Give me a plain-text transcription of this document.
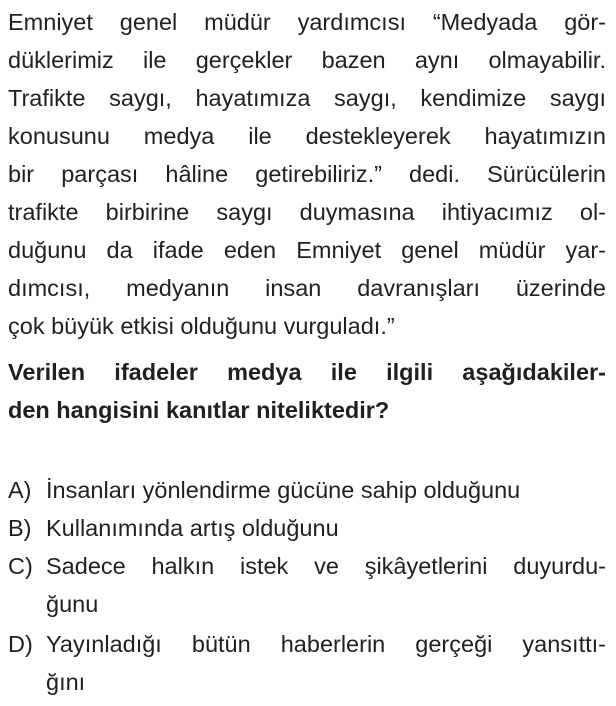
Emniyet genel müdür yardımcısı “Medyada gör-
düklerimiz ile gerçekler bazen aynı olmayabilir.
Trafikte saygı, hayatımıza saygı, kendimize saygı
konusunu medya ile destekleyerek hayatımızın
bir parçası hâline getirebiliriz.” dedi. Sürücülerin
trafikte birbirine saygı duymasına ihtiyacımız ol-
duğunu da ifade eden Emniyet genel müdür yar-
dımcısı, medyanın insan davranışları üzerinde
çok büyük etkisi olduğunu vurguladı.”
Verilen ifadeler medya ile ilgili aşağıdakiler-
den hangisini kanıtlar niteliktedir?
A) İnsanları yönlendirme gücüne sahip olduğunu
B) Kullanımında artış olduğunu
C) Sadece halkın istek ve şikâyetlerini duyurdu-
ğunu
D) Yayınladığı bütün haberlerin gerçeği yansıttı-
ğını
